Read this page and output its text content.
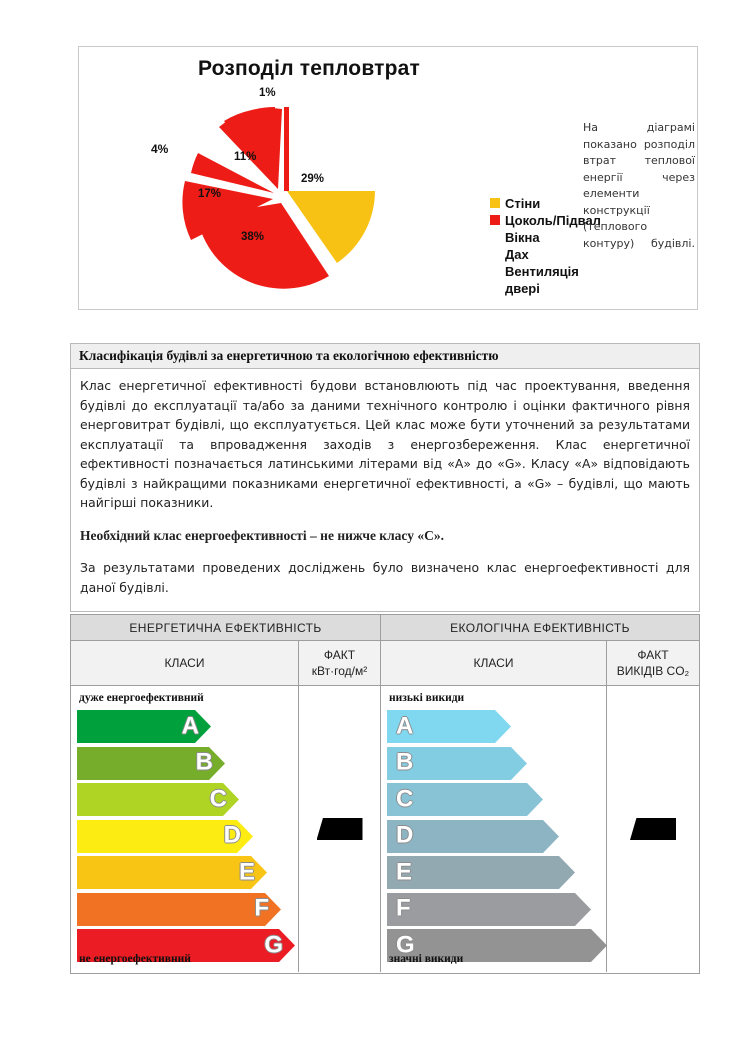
Розподіл тепловтрат
1%
29%
38%
17%
4%
11%
Стіни
Цоколь/Підвал
Вікна
Дах
Вентиляція
двері

На діаграмі показано розподіл втрат теплової енергії через елементи конструкції (теплового контуру) будівлі.

Класифікація будівлі за енергетичною та екологічною ефективністю

Клас енергетичної ефективності будови встановлюють під час проектування, введення будівлі до експлуатації та/або за даними технічного контролю і оцінки фактичного рівня енерговитрат будівлі, що експлуатується. Цей клас може бути уточнений за результатами експлуатації та впровадження заходів з енергозбереження. Клас енергетичної ефективності позначається латинськими літерами від «А» до «G». Класу «А» відповідають будівлі з найкращими показниками енергетичної ефективності, а «G» – будівлі, що мають найгірші показники.

Необхідний клас енергоефективності – не нижче класу «С».

За результатами проведених досліджень було визначено клас енергоефективності для даної будівлі.

ЕНЕРГЕТИЧНА ЕФЕКТИВНІСТЬ	ЕКОЛОГІЧНА ЕФЕКТИВНІСТЬ
КЛАСИ
ФАКТ
кВт·год/м²
КЛАСИ
ФАКТ
ВИКІДІВ CO₂
дуже енергоефективний
A
B
C
D
E
F
G
не енергоефективний
низькі викиди
A
B
C
D
E
F
G
значні викиди
